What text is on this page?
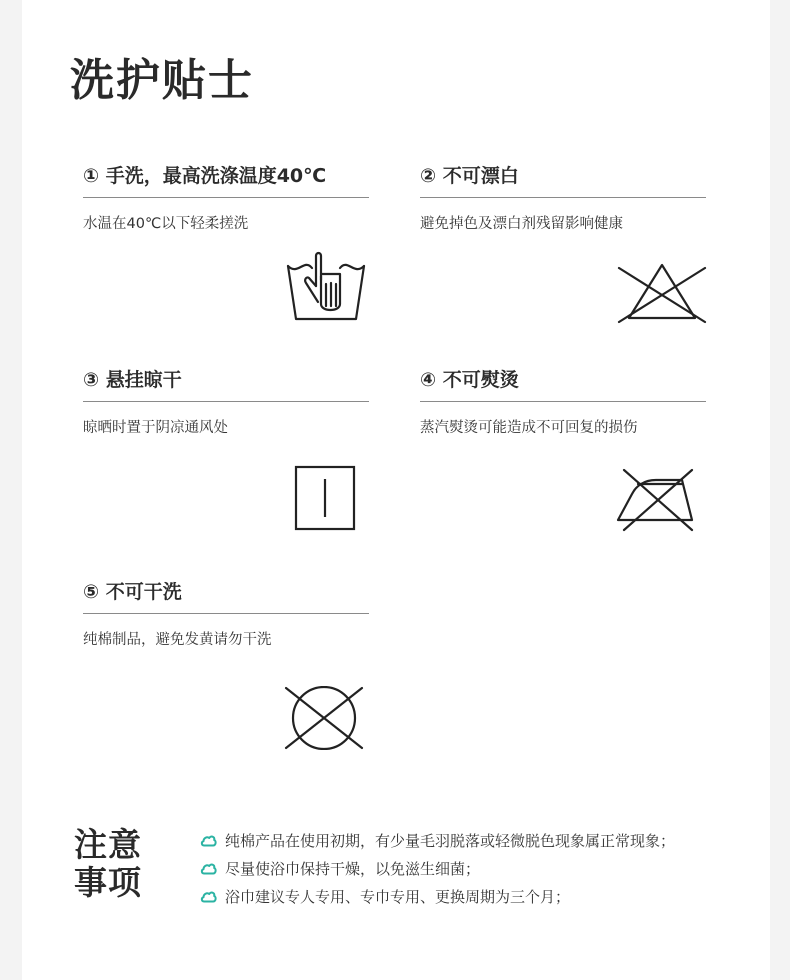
洗护贴士
① 手洗，最高洗涤温度40℃
水温在40℃以下轻柔搓洗
② 不可漂白
避免掉色及漂白剂残留影响健康
③ 悬挂晾干
晾晒时置于阴凉通风处
④ 不可熨烫
蒸汽熨烫可能造成不可回复的损伤
⑤ 不可干洗
纯棉制品，避免发黄请勿干洗
注意事项
纯棉产品在使用初期，有少量毛羽脱落或轻微脱色现象属正常现象；
尽量使浴巾保持干燥，以免滋生细菌；
浴巾建议专人专用、专巾专用、更换周期为三个月；
